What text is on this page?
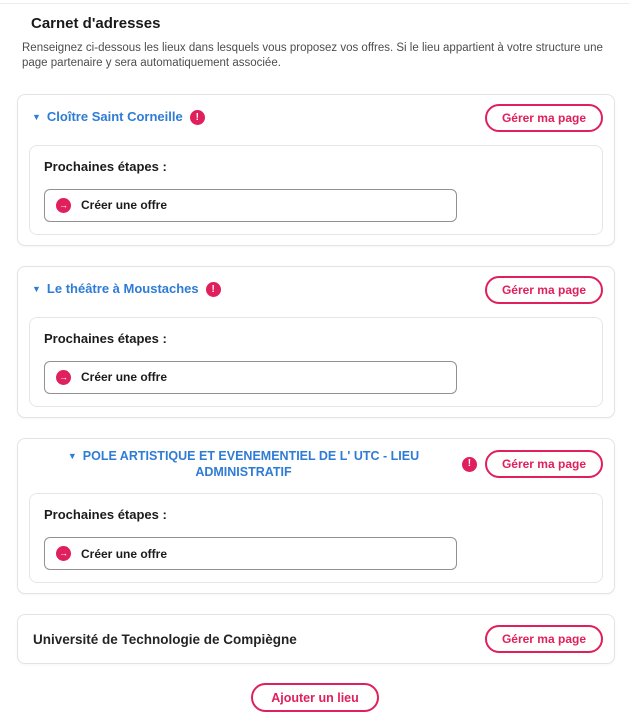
Carnet d'adresses

Renseignez ci-dessous les lieux dans lesquels vous proposez vos offres. Si le lieu appartient à votre structure une page partenaire y sera automatiquement associée.

▼ Cloître Saint Corneille	!	Gérer ma page
Prochaines étapes :
→ Créer une offre
▼ Le théâtre à Moustaches	!	Gérer ma page
Prochaines étapes :
→ Créer une offre
▼ POLE ARTISTIQUE ET EVENEMENTIEL DE L' UTC - LIEU ADMINISTRATIF
!	Gérer ma page
Prochaines étapes :
→ Créer une offre
Université de Technologie de Compiègne	Gérer ma page
Ajouter un lieu
